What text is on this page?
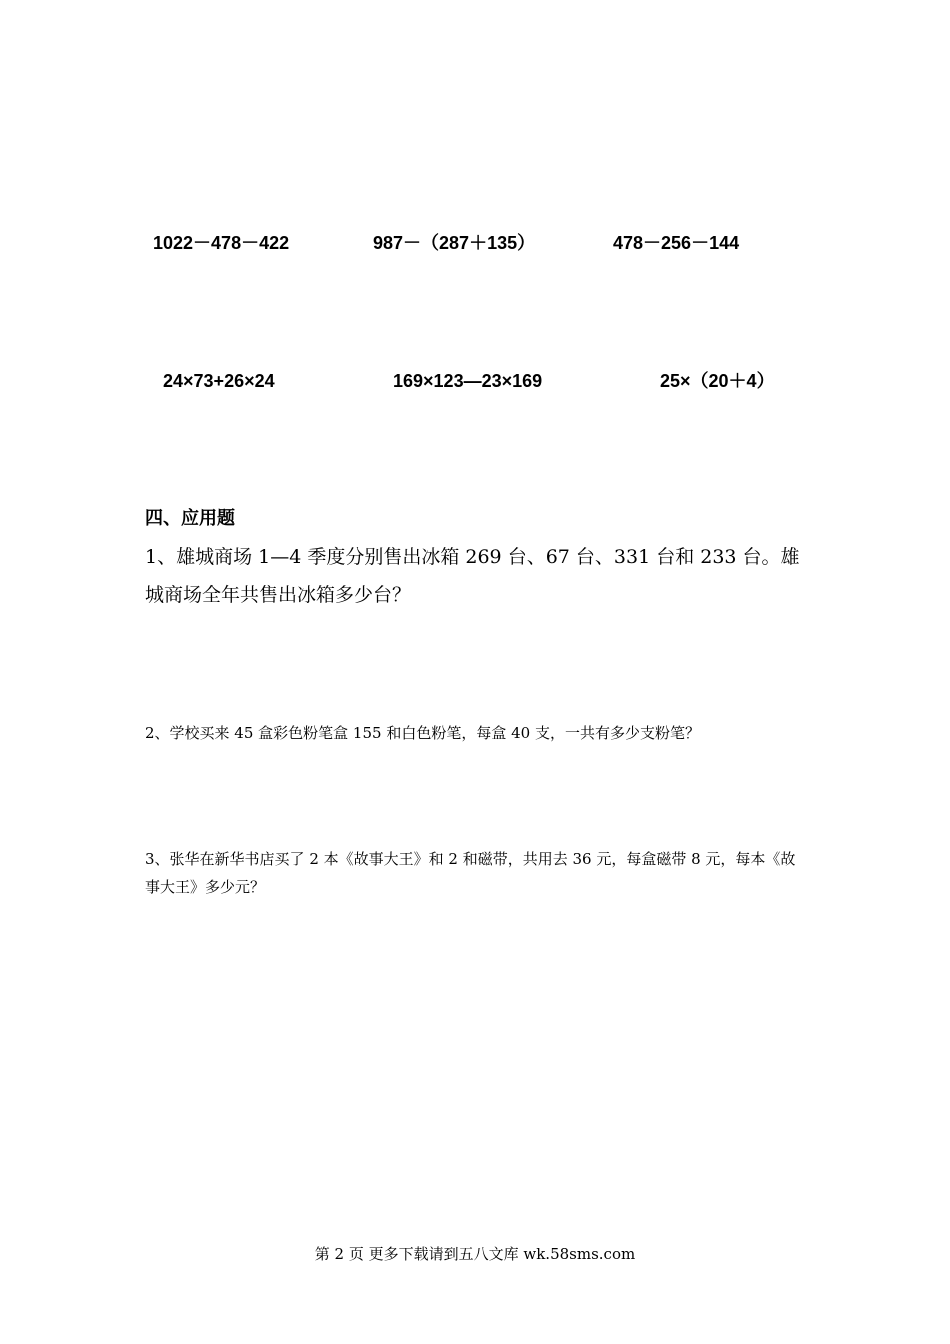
1022－478－422	987－（287＋135）	478－256－144
24×73+26×24	169×123—23×169	25×（20＋4）
四、应用题
1、雄城商场 1—4 季度分别售出冰箱 269 台、67 台、331 台和 233 台。雄城商场全年共售出冰箱多少台？
2、学校买来 45 盒彩色粉笔盒 155 和白色粉笔，每盒 40 支，一共有多少支粉笔？
3、张华在新华书店买了 2 本《故事大王》和 2 和磁带，共用去 36 元，每盒磁带 8 元，每本《故事大王》多少元？
第 2 页 更多下载请到五八文库 wk.58sms.com
